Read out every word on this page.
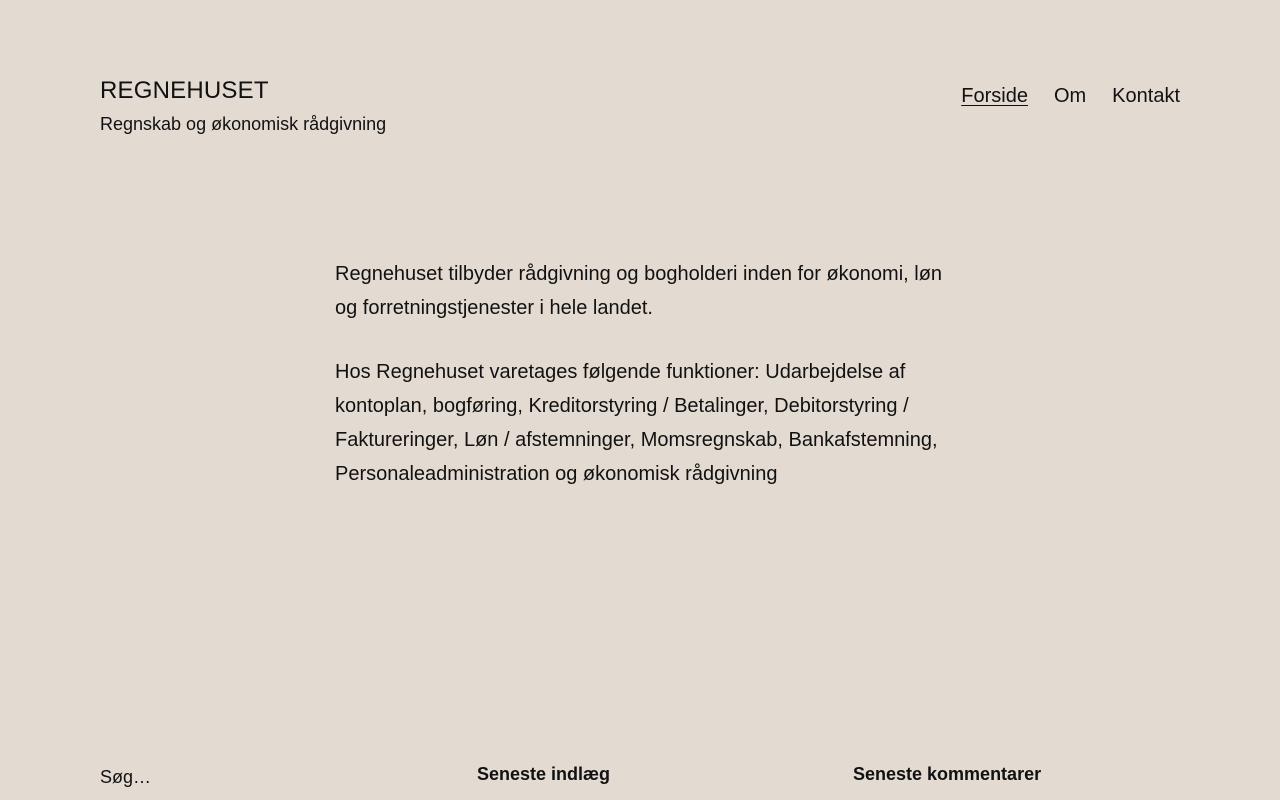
REGNEHUSET
Regnskab og økonomisk rådgivning
Forside Om Kontakt

Regnehuset tilbyder rådgivning og bogholderi inden for økonomi, løn og forretningstjenester i hele landet.

Hos Regnehuset varetages følgende funktioner: Udarbejdelse af kontoplan, bogføring, Kreditorstyring / Betalinger, Debitorstyring / Faktureringer, Løn / afstemninger, Momsregnskab, Bankafstemning, Personaleadministration og økonomisk rådgivning

Søg…
Seneste indlæg	Seneste kommentarer
